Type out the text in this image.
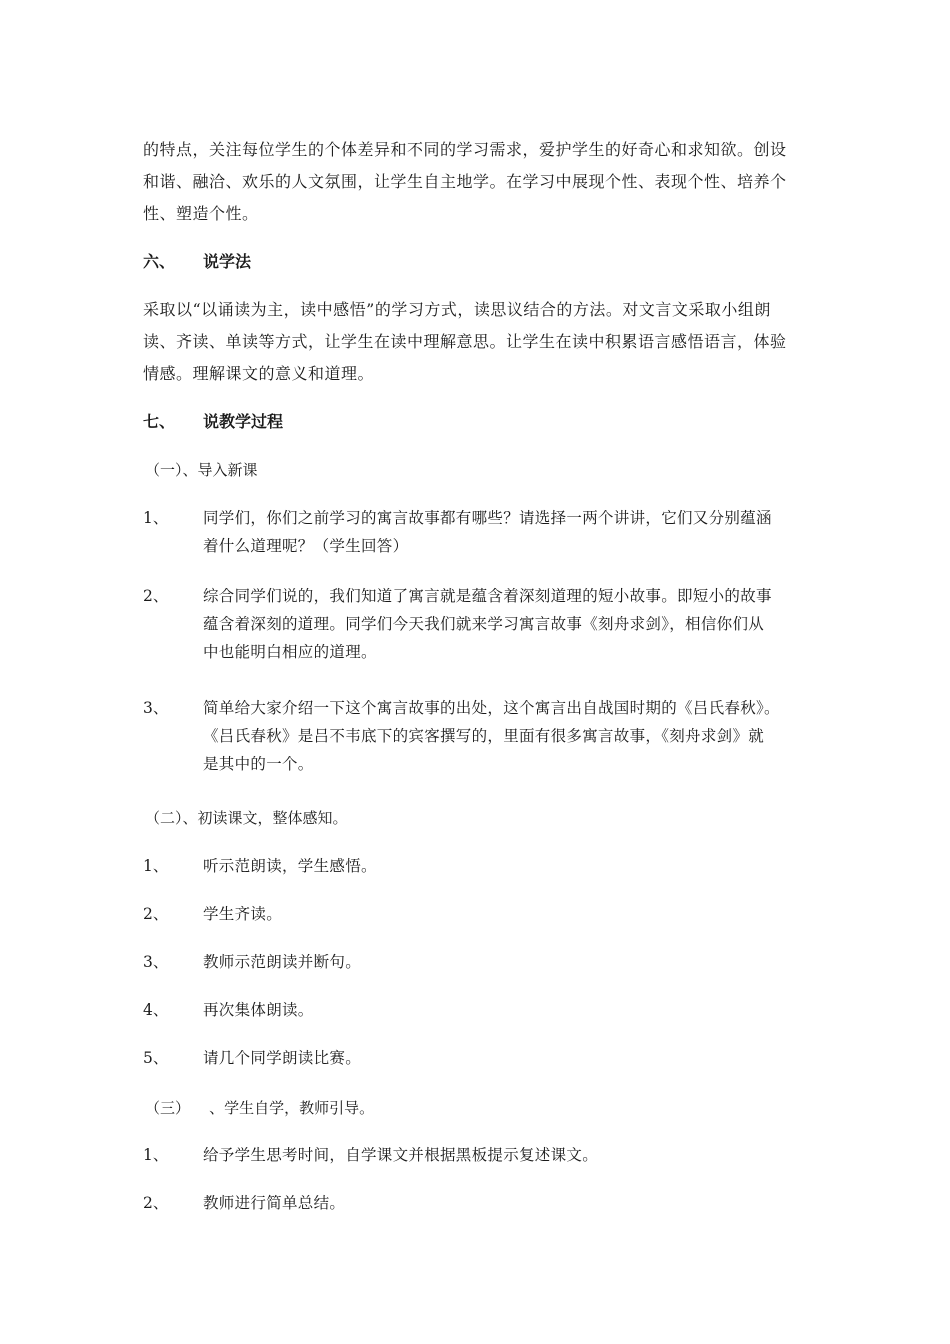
的特点，关注每位学生的个体差异和不同的学习需求，爱护学生的好奇心和求知欲。创设
和谐、融洽、欢乐的人文氛围，让学生自主地学。在学习中展现个性、表现个性、培养个
性、塑造个性。
六、 说学法
采取以“以诵读为主，读中感悟”的学习方式，读思议结合的方法。对文言文采取小组朗
读、齐读、单读等方式，让学生在读中理解意思。让学生在读中积累语言感悟语言，体验
情感。理解课文的意义和道理。
七、 说教学过程
（一）、导入新课
1、	同学们，你们之前学习的寓言故事都有哪些？请选择一两个讲讲，它们又分别蕴涵
着什么道理呢？（学生回答）
2、	综合同学们说的，我们知道了寓言就是蕴含着深刻道理的短小故事。即短小的故事
蕴含着深刻的道理。同学们今天我们就来学习寓言故事《刻舟求剑》，相信你们从
中也能明白相应的道理。
3、	简单给大家介绍一下这个寓言故事的出处，这个寓言出自战国时期的《吕氏春秋》。
《吕氏春秋》是吕不韦底下的宾客撰写的，里面有很多寓言故事，《刻舟求剑》就
是其中的一个。
（二）、初读课文，整体感知。
1、	听示范朗读，学生感悟。
2、	学生齐读。
3、	教师示范朗读并断句。
4、	再次集体朗读。
5、	请几个同学朗读比赛。
（三）    、学生自学，教师引导。
1、	给予学生思考时间，自学课文并根据黑板提示复述课文。
2、	教师进行简单总结。
